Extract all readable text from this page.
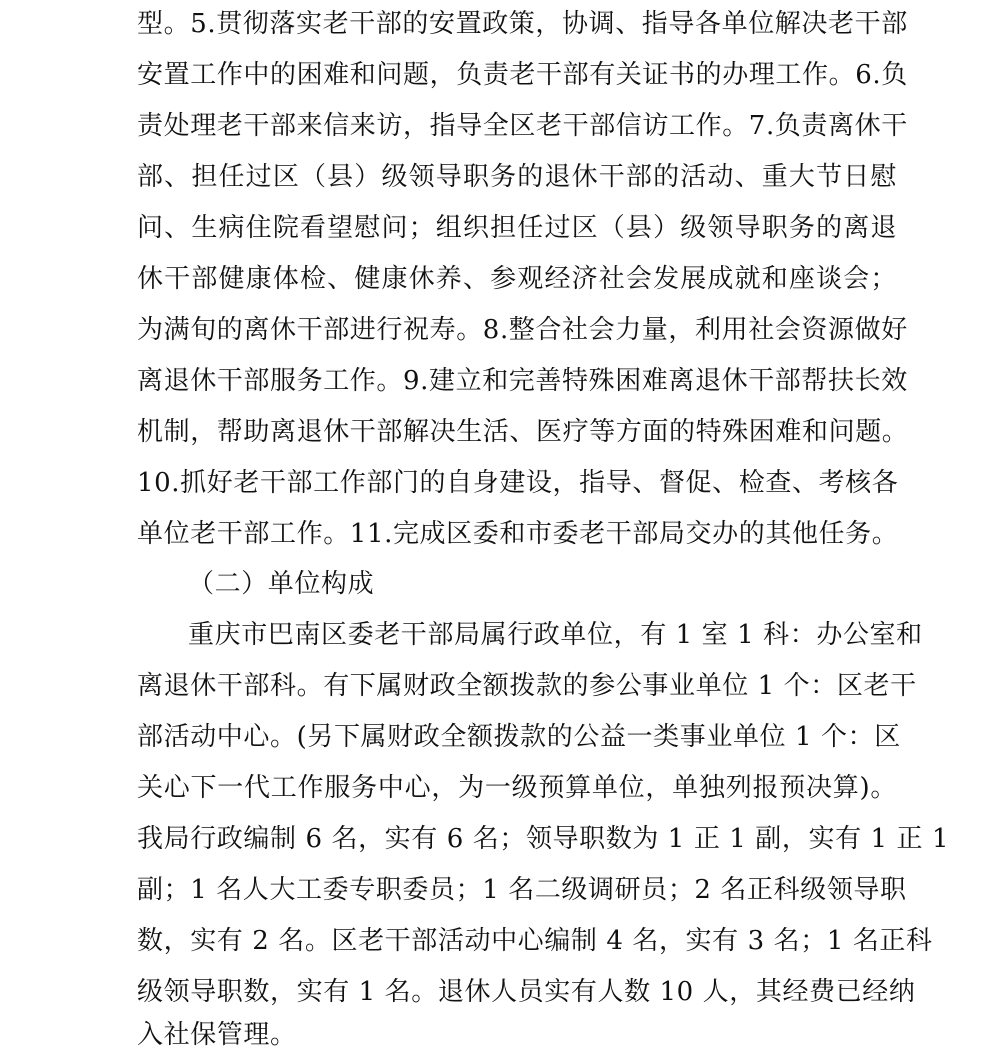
型。5.贯彻落实老干部的安置政策，协调、指导各单位解决老干部
安置工作中的困难和问题，负责老干部有关证书的办理工作。6.负
责处理老干部来信来访，指导全区老干部信访工作。7.负责离休干
部、担任过区（县）级领导职务的退休干部的活动、重大节日慰
问、生病住院看望慰问；组织担任过区（县）级领导职务的离退
休干部健康体检、健康休养、参观经济社会发展成就和座谈会；
为满旬的离休干部进行祝寿。8.整合社会力量，利用社会资源做好
离退休干部服务工作。9.建立和完善特殊困难离退休干部帮扶长效
机制，帮助离退休干部解决生活、医疗等方面的特殊困难和问题。
10.抓好老干部工作部门的自身建设，指导、督促、检查、考核各
单位老干部工作。11.完成区委和市委老干部局交办的其他任务。
（二）单位构成
重庆市巴南区委老干部局属行政单位，有 1 室 1 科：办公室和
离退休干部科。有下属财政全额拨款的参公事业单位 1 个：区老干
部活动中心。(另下属财政全额拨款的公益一类事业单位 1 个：区
关心下一代工作服务中心，为一级预算单位，单独列报预决算)。
我局行政编制 6 名，实有 6 名；领导职数为 1 正 1 副，实有 1 正 1
副；1 名人大工委专职委员；1 名二级调研员；2 名正科级领导职
数，实有 2 名。区老干部活动中心编制 4 名，实有 3 名；1 名正科
级领导职数，实有 1 名。退休人员实有人数 10 人，其经费已经纳
入社保管理。
